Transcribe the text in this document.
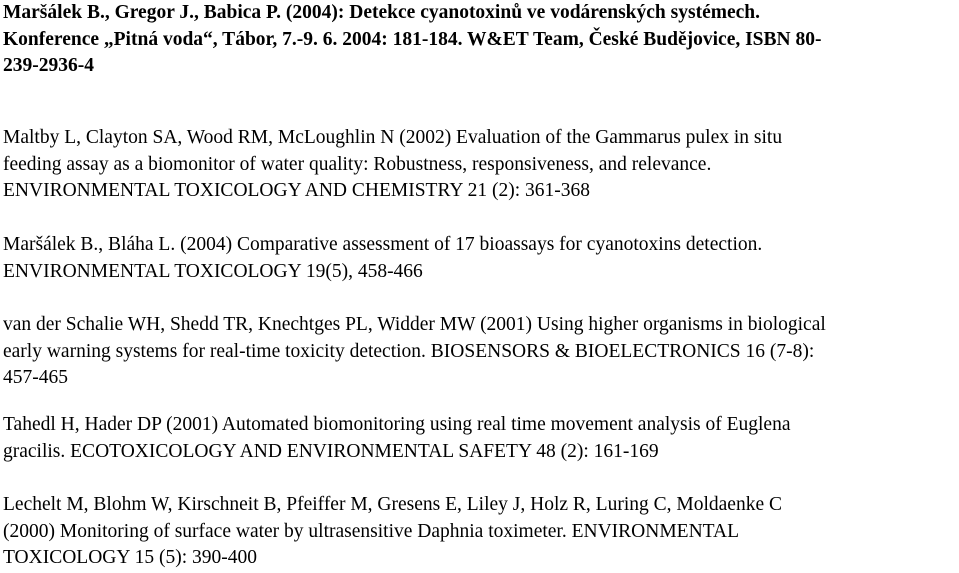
Maršálek B., Gregor J., Babica P. (2004): Detekce cyanotoxinů ve vodárenských systémech.
Konference „Pitná voda“, Tábor, 7.-9. 6. 2004: 181-184. W&ET Team, České Budějovice, ISBN 80-
239-2936-4

Maltby L, Clayton SA, Wood RM, McLoughlin N (2002) Evaluation of the Gammarus pulex in situ
feeding assay as a biomonitor of water quality: Robustness, responsiveness, and relevance.
ENVIRONMENTAL TOXICOLOGY AND CHEMISTRY 21 (2): 361-368

Maršálek B., Bláha L. (2004) Comparative assessment of 17 bioassays for cyanotoxins detection.
ENVIRONMENTAL TOXICOLOGY 19(5), 458-466

van der Schalie WH, Shedd TR, Knechtges PL, Widder MW (2001) Using higher organisms in biological
early warning systems for real-time toxicity detection. BIOSENSORS & BIOELECTRONICS 16 (7-8):
457-465

Tahedl H, Hader DP (2001) Automated biomonitoring using real time movement analysis of Euglena
gracilis. ECOTOXICOLOGY AND ENVIRONMENTAL SAFETY 48 (2): 161-169

Lechelt M, Blohm W, Kirschneit B, Pfeiffer M, Gresens E, Liley J, Holz R, Luring C, Moldaenke C
(2000) Monitoring of surface water by ultrasensitive Daphnia toximeter. ENVIRONMENTAL
TOXICOLOGY 15 (5): 390-400
